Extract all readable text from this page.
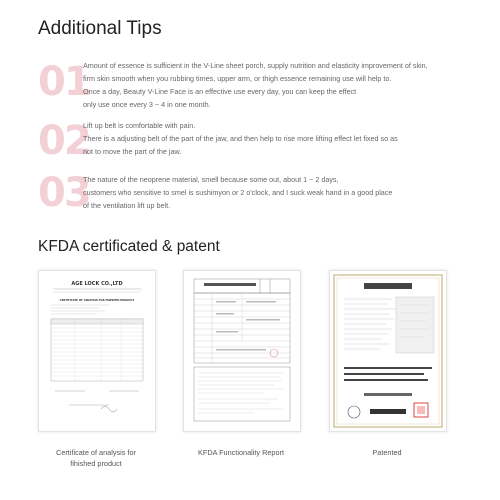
Additional Tips
01
Amount of essence is sufficient in the V-Line sheet porch, supply nutrition and elasticity improvement of skin,
firm skin smooth when you rubbing times, upper arm, or thigh essence remaining use will help to.
Once a day, Beauty V-Line Face is an effective use every day, you can keep the effect
only use once every 3 ~ 4 in one month.
02
Lift up belt is comfortable with pain.
There is a adjusting belt of the part of the jaw, and then help to rise more lifting effect let fixed so as
not to move the part of the jaw.
03
The nature of the neoprene material, smell because some out, about 1 ~ 2 days,
customers who sensitive to smel is sushimyon or 2 o'clock, and I suck weak hand in a good place
of the ventilation lift up belt.
KFDA certificated & patent
AGE LOCK CO.,LTD
CERTIFICATE OF ANALYSIS FOR FINISHED PRODUCT
Certificate of analysis for
fihished product
KFDA Functionality Report	Patented
